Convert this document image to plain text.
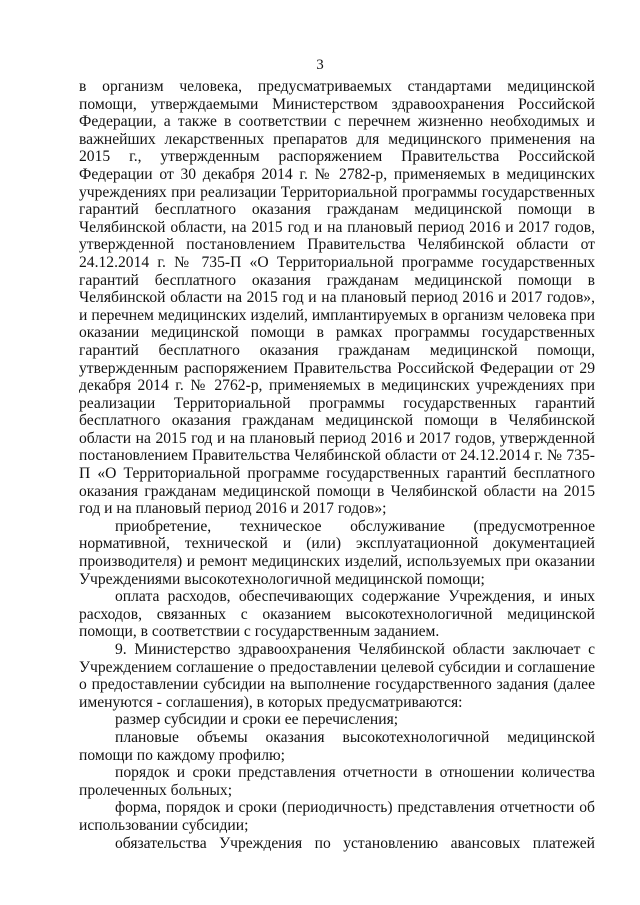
3

в организм человека, предусматриваемых стандартами медицинской помощи, утверждаемыми Министерством здравоохранения Российской Федерации, а также в соответствии с перечнем жизненно необходимых и важнейших лекарственных препаратов для медицинского применения на 2015 г., утвержденным распоряжением Правительства Российской Федерации от 30 декабря 2014 г. № 2782-р, применяемых в медицинских учреждениях при реализации Территориальной программы государственных гарантий бесплатного оказания гражданам медицинской помощи в Челябинской области, на 2015 год и на плановый период 2016 и 2017 годов, утвержденной постановлением Правительства Челябинской области от 24.12.2014 г. № 735-П «О Территориальной программе государственных гарантий бесплатного оказания гражданам медицинской помощи в Челябинской области на 2015 год и на плановый период 2016 и 2017 годов», и перечнем медицинских изделий, имплантируемых в организм человека при оказании медицинской помощи в рамках программы государственных гарантий бесплатного оказания гражданам медицинской помощи, утвержденным распоряжением Правительства Российской Федерации от 29 декабря 2014 г. № 2762-р, применяемых в медицинских учреждениях при реализации Территориальной программы государственных гарантий бесплатного оказания гражданам медицинской помощи в Челябинской области на 2015 год и на плановый период 2016 и 2017 годов, утвержденной постановлением Правительства Челябинской области от 24.12.2014 г. № 735-П «О Территориальной программе государственных гарантий бесплатного оказания гражданам медицинской помощи в Челябинской области на 2015 год и на плановый период 2016 и 2017 годов»;

приобретение, техническое обслуживание (предусмотренное нормативной, технической и (или) эксплуатационной документацией производителя) и ремонт медицинских изделий, используемых при оказании Учреждениями высокотехнологичной медицинской помощи;

оплата расходов, обеспечивающих содержание Учреждения, и иных расходов, связанных с оказанием высокотехнологичной медицинской помощи, в соответствии с государственным заданием.

9. Министерство здравоохранения Челябинской области заключает с Учреждением соглашение о предоставлении целевой субсидии и соглашение о предоставлении субсидии на выполнение государственного задания (далее именуются - соглашения), в которых предусматриваются:

размер субсидии и сроки ее перечисления;

плановые объемы оказания высокотехнологичной медицинской помощи по каждому профилю;

порядок и сроки представления отчетности в отношении количества пролеченных больных;

форма, порядок и сроки (периодичность) представления отчетности об использовании субсидии;

обязательства Учреждения по установлению авансовых платежей
